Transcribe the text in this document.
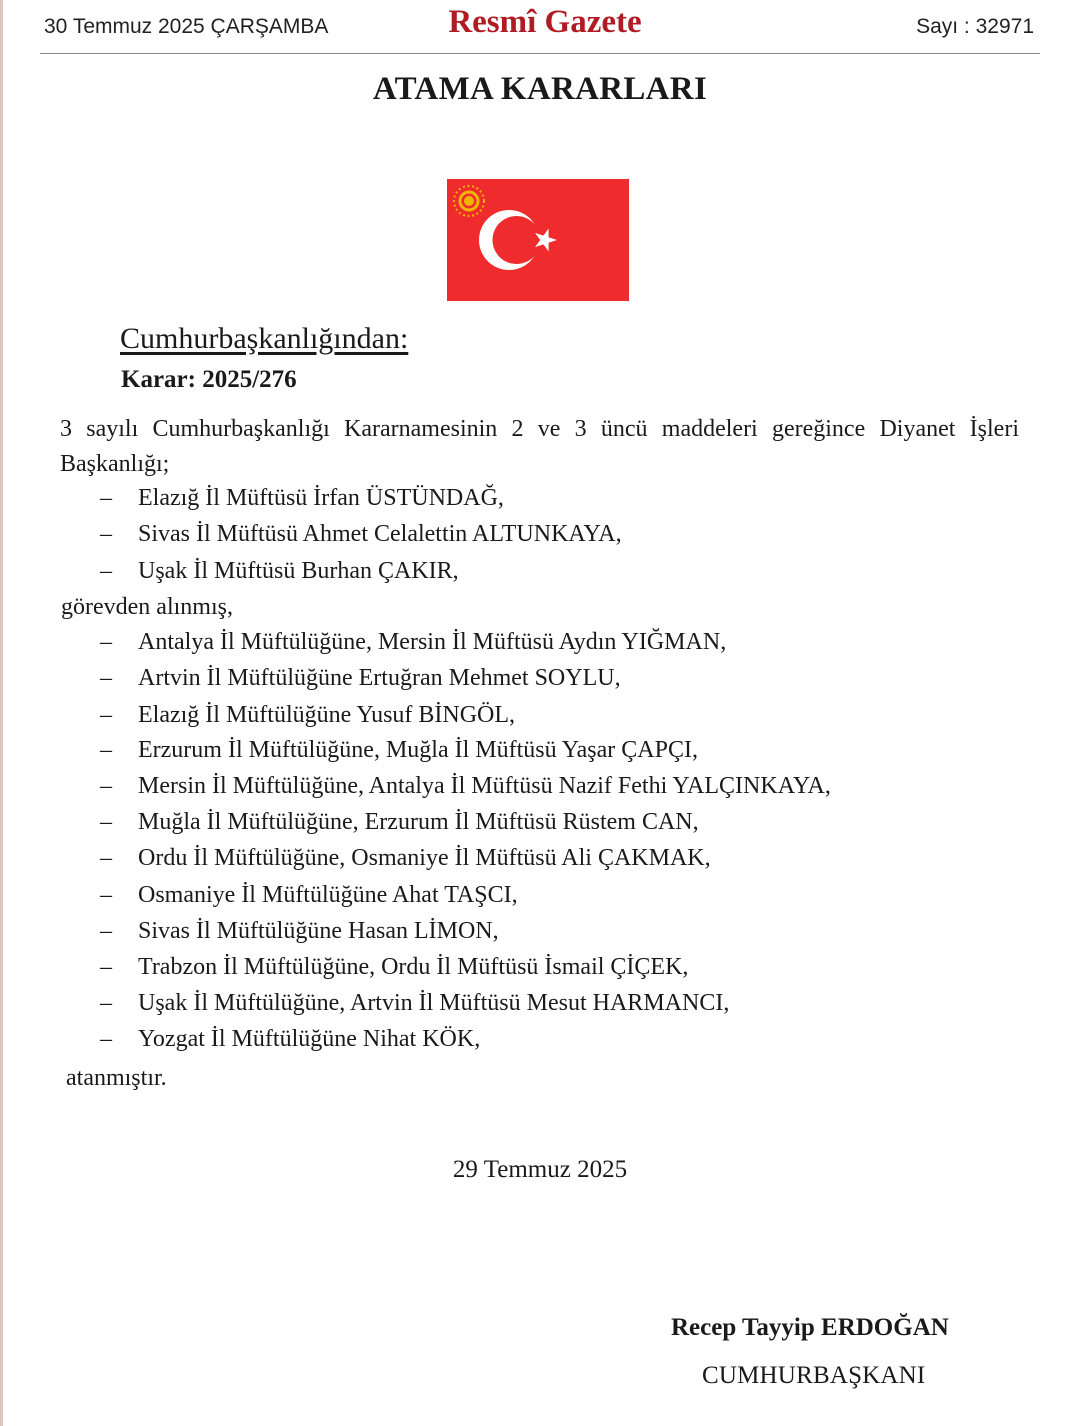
30 Temmuz 2025 ÇARŞAMBA	Resmî Gazete	Sayı : 32971
ATAMA KARARLARI
Cumhurbaşkanlığından:
Karar: 2025/276
3 sayılı Cumhurbaşkanlığı Kararnamesinin 2 ve 3 üncü maddeleri gereğince Diyanet İşleri Başkanlığı;
– Elazığ İl Müftüsü İrfan ÜSTÜNDAĞ,
– Sivas İl Müftüsü Ahmet Celalettin ALTUNKAYA,
– Uşak İl Müftüsü Burhan ÇAKIR,
görevden alınmış,
– Antalya İl Müftülüğüne, Mersin İl Müftüsü Aydın YIĞMAN,
– Artvin İl Müftülüğüne Ertuğran Mehmet SOYLU,
– Elazığ İl Müftülüğüne Yusuf BİNGÖL,
– Erzurum İl Müftülüğüne, Muğla İl Müftüsü Yaşar ÇAPÇI,
– Mersin İl Müftülüğüne, Antalya İl Müftüsü Nazif Fethi YALÇINKAYA,
– Muğla İl Müftülüğüne, Erzurum İl Müftüsü Rüstem CAN,
– Ordu İl Müftülüğüne, Osmaniye İl Müftüsü Ali ÇAKMAK,
– Osmaniye İl Müftülüğüne Ahat TAŞCI,
– Sivas İl Müftülüğüne Hasan LİMON,
– Trabzon İl Müftülüğüne, Ordu İl Müftüsü İsmail ÇİÇEK,
– Uşak İl Müftülüğüne, Artvin İl Müftüsü Mesut HARMANCI,
– Yozgat İl Müftülüğüne Nihat KÖK,
atanmıştır.
29 Temmuz 2025
Recep Tayyip ERDOĞAN
CUMHURBAŞKANI
